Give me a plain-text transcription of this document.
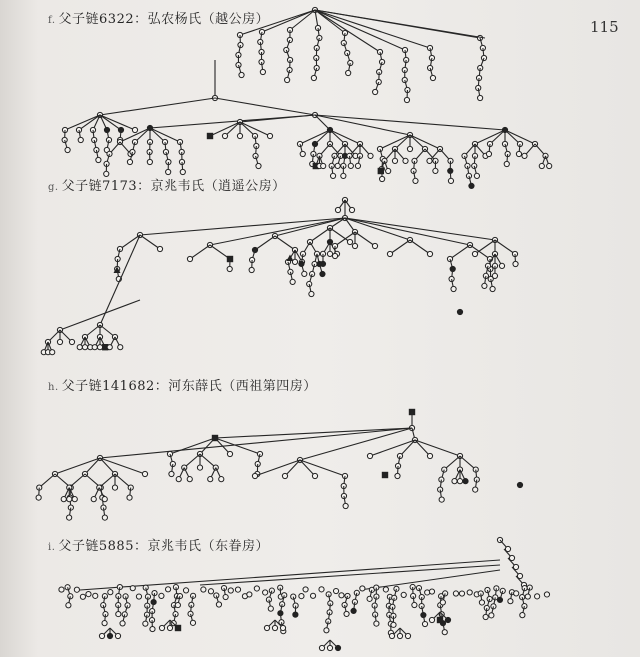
115
f. 父子链6322：弘农杨氏（越公房）
g. 父子链7173：京兆韦氏（逍遥公房）
h. 父子链141682：河东薛氏（西祖第四房）
i. 父子链5885：京兆韦氏（东眷房）
